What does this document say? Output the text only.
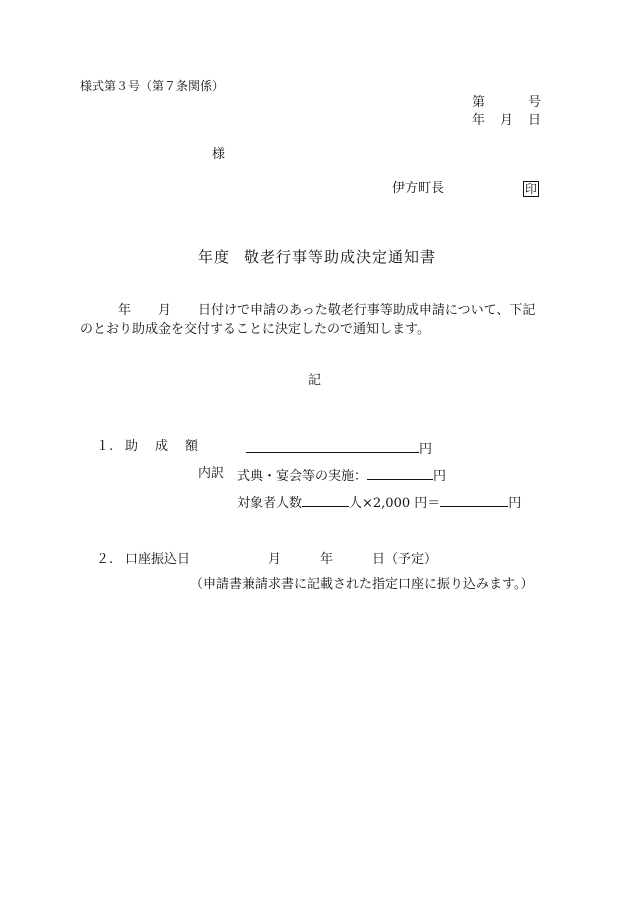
様式第３号（第７条関係）
第	号
年 月 日
様
伊方町長	印
年度 敬老行事等助成決定通知書
年 月 日付けで申請のあった敬老行事等助成申請について、下記
のとおり助成金を交付することに決定したので通知します。
記
１. 助　成　額	円
内訳 式典・宴会等の実施：	円
対象者人数	人×2,000 円＝	円
２. 口座振込日	月	年	日（予定）
（申請書兼請求書に記載された指定口座に振り込みます。）
